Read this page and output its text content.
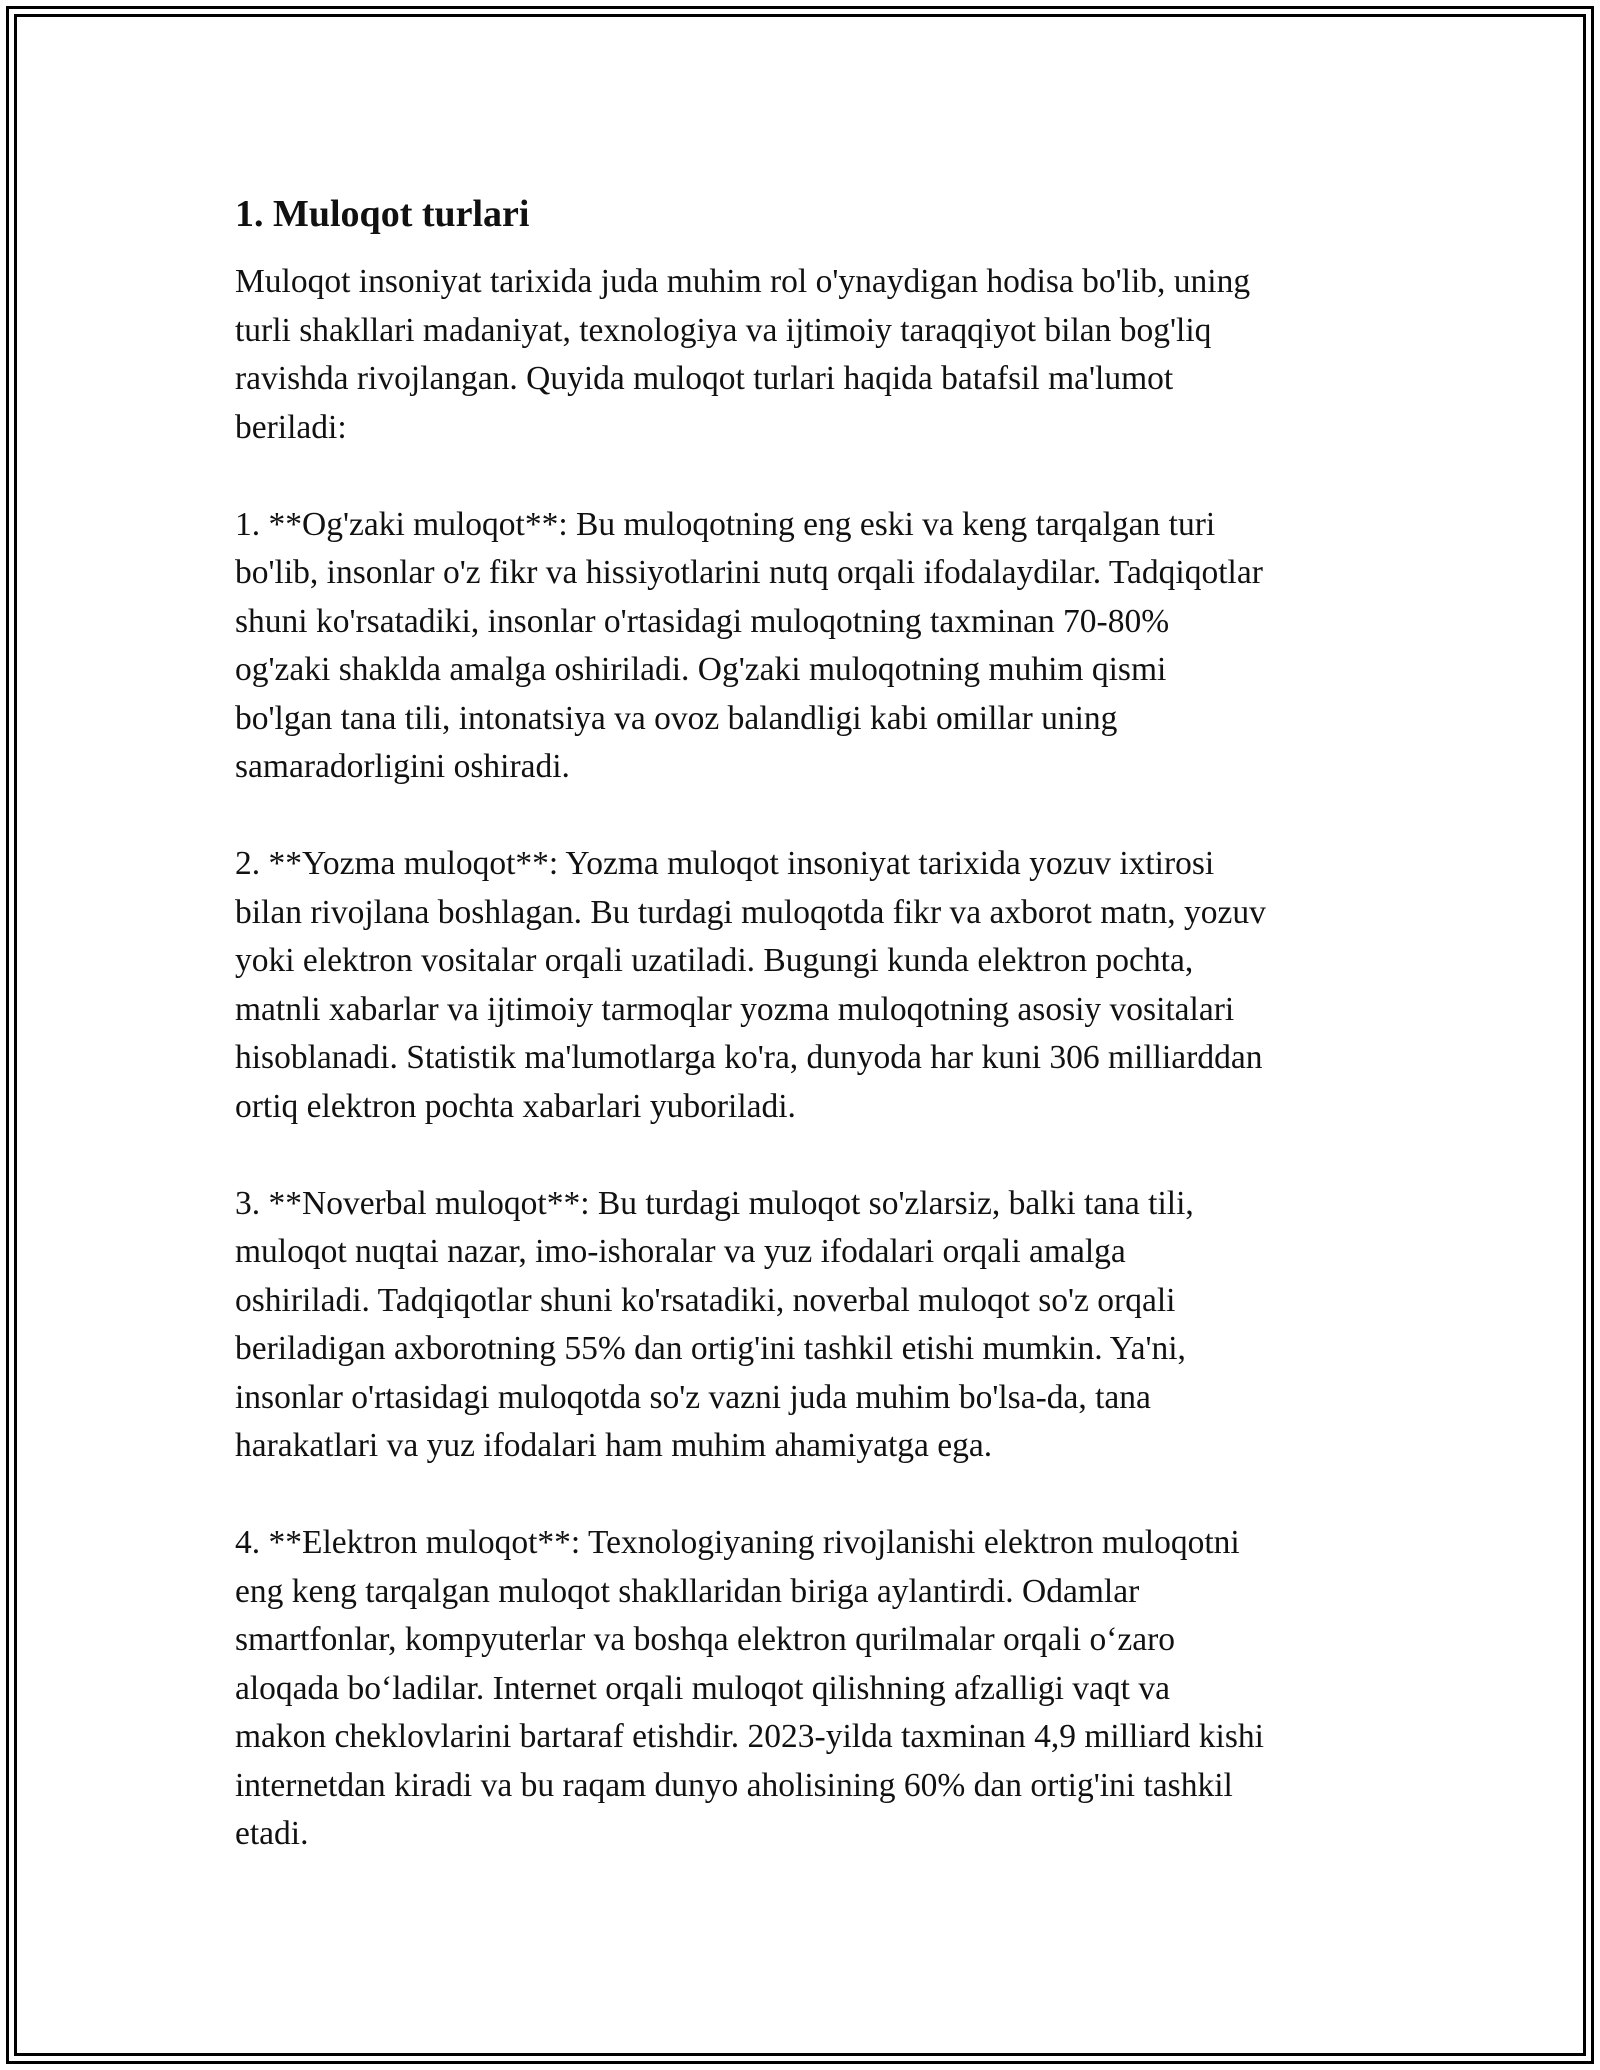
1. Muloqot turlari

Muloqot insoniyat tarixida juda muhim rol o'ynaydigan hodisa bo'lib, uning
turli shakllari madaniyat, texnologiya va ijtimoiy taraqqiyot bilan bog'liq
ravishda rivojlangan. Quyida muloqot turlari haqida batafsil ma'lumot
beriladi:

1. **Og'zaki muloqot**: Bu muloqotning eng eski va keng tarqalgan turi
bo'lib, insonlar o'z fikr va hissiyotlarini nutq orqali ifodalaydilar. Tadqiqotlar
shuni ko'rsatadiki, insonlar o'rtasidagi muloqotning taxminan 70-80%
og'zaki shaklda amalga oshiriladi. Og'zaki muloqotning muhim qismi
bo'lgan tana tili, intonatsiya va ovoz balandligi kabi omillar uning
samaradorligini oshiradi.

2. **Yozma muloqot**: Yozma muloqot insoniyat tarixida yozuv ixtirosi
bilan rivojlana boshlagan. Bu turdagi muloqotda fikr va axborot matn, yozuv
yoki elektron vositalar orqali uzatiladi. Bugungi kunda elektron pochta,
matnli xabarlar va ijtimoiy tarmoqlar yozma muloqotning asosiy vositalari
hisoblanadi. Statistik ma'lumotlarga ko'ra, dunyoda har kuni 306 milliarddan
ortiq elektron pochta xabarlari yuboriladi.

3. **Noverbal muloqot**: Bu turdagi muloqot so'zlarsiz, balki tana tili,
muloqot nuqtai nazar, imo-ishoralar va yuz ifodalari orqali amalga
oshiriladi. Tadqiqotlar shuni ko'rsatadiki, noverbal muloqot so'z orqali
beriladigan axborotning 55% dan ortig'ini tashkil etishi mumkin. Ya'ni,
insonlar o'rtasidagi muloqotda so'z vazni juda muhim bo'lsa-da, tana
harakatlari va yuz ifodalari ham muhim ahamiyatga ega.

4. **Elektron muloqot**: Texnologiyaning rivojlanishi elektron muloqotni
eng keng tarqalgan muloqot shakllaridan biriga aylantirdi. Odamlar
smartfonlar, kompyuterlar va boshqa elektron qurilmalar orqali o‘zaro
aloqada bo‘ladilar. Internet orqali muloqot qilishning afzalligi vaqt va
makon cheklovlarini bartaraf etishdir. 2023-yilda taxminan 4,9 milliard kishi
internetdan kiradi va bu raqam dunyo aholisining 60% dan ortig'ini tashkil
etadi.
